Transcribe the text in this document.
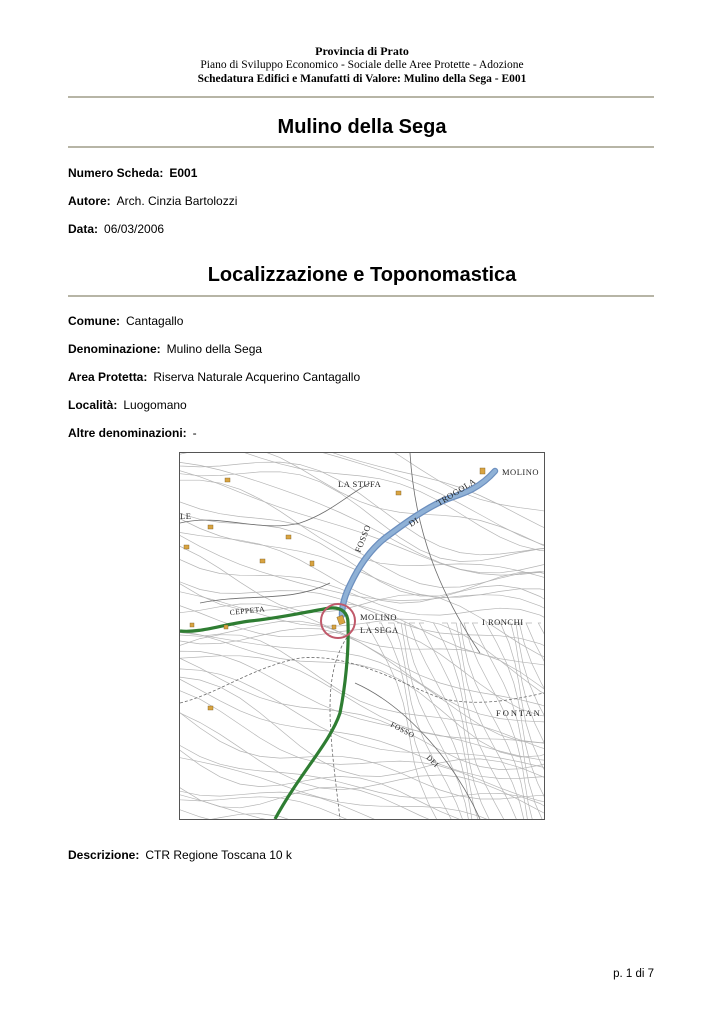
Provincia di Prato
Piano di Sviluppo Economico - Sociale delle Aree Protette - Adozione
Schedatura Edifici e Manufatti di Valore: Mulino della Sega - E001
Mulino della Sega
Numero Scheda: E001
Autore: Arch. Cinzia Bartolozzi
Data: 06/03/2006
Localizzazione e Toponomastica
Comune: Cantagallo
Denominazione: Mulino della Sega
Area Protetta: Riserva Naturale Acquerino Cantagallo
Località: Luogomano
Altre denominazioni: -
LA STUFA
MOLINO
LE
FOSSO
DI
TROGOLA
CEPPETA
MOLINO
LA SEGA
I RONCHI
FONTAN
FOSSO
DEI
Descrizione: CTR Regione Toscana 10 k
p. 1 di 7
